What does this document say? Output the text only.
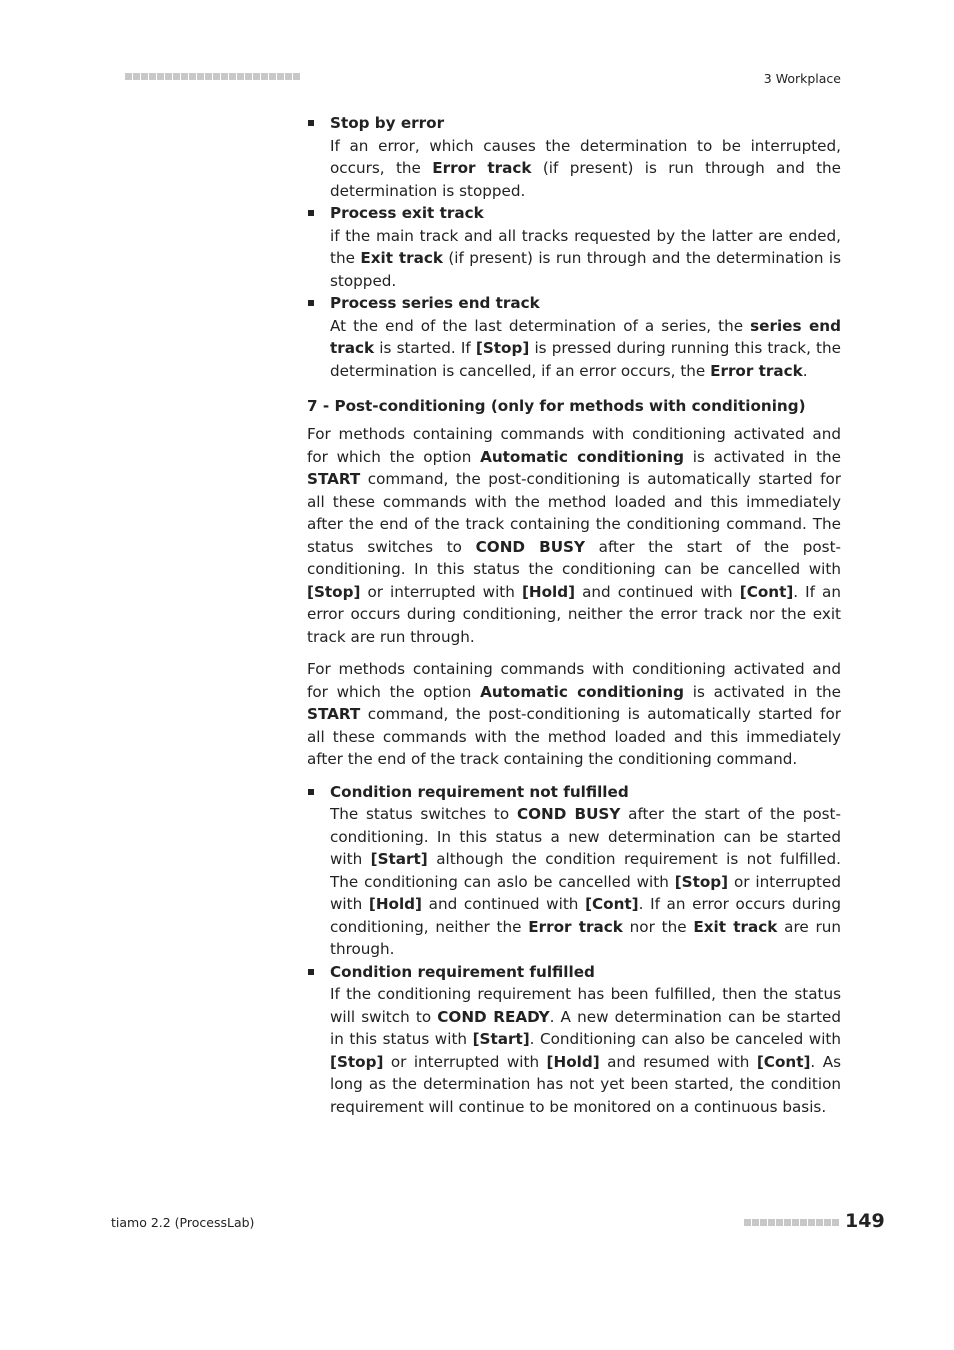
3 Workplace
Stop by error
If an error, which causes the determination to be interrupted, occurs, the Error track (if present) is run through and the determination is stopped.
Process exit track
if the main track and all tracks requested by the latter are ended, the Exit track (if present) is run through and the determination is stopped.
Process series end track
At the end of the last determination of a series, the series end track is started. If [Stop] is pressed during running this track, the determination is cancelled, if an error occurs, the Error track.
7 - Post-conditioning (only for methods with conditioning)

For methods containing commands with conditioning activated and for which the option Automatic conditioning is activated in the START command, the post-conditioning is automatically started for all these commands with the method loaded and this immediately after the end of the track containing the conditioning command. The status switches to COND BUSY after the start of the post-conditioning. In this status the conditioning can be cancelled with [Stop] or interrupted with [Hold] and continued with [Cont]. If an error occurs during conditioning, neither the error track nor the exit track are run through.

For methods containing commands with conditioning activated and for which the option Automatic conditioning is activated in the START command, the post-conditioning is automatically started for all these commands with the method loaded and this immediately after the end of the track containing the conditioning command.

Condition requirement not fulfilled
The status switches to COND BUSY after the start of the post-conditioning. In this status a new determination can be started with [Start] although the condition requirement is not fulfilled. The conditioning can aslo be cancelled with [Stop] or interrupted with [Hold] and continued with [Cont]. If an error occurs during conditioning, neither the Error track nor the Exit track are run through.
Condition requirement fulfilled
If the conditioning requirement has been fulfilled, then the status will switch to COND READY. A new determination can be started in this status with [Start]. Conditioning can also be canceled with [Stop] or interrupted with [Hold] and resumed with [Cont]. As long as the determination has not yet been started, the condition requirement will continue to be monitored on a continuous basis.
tiamo 2.2 (ProcessLab)	149
